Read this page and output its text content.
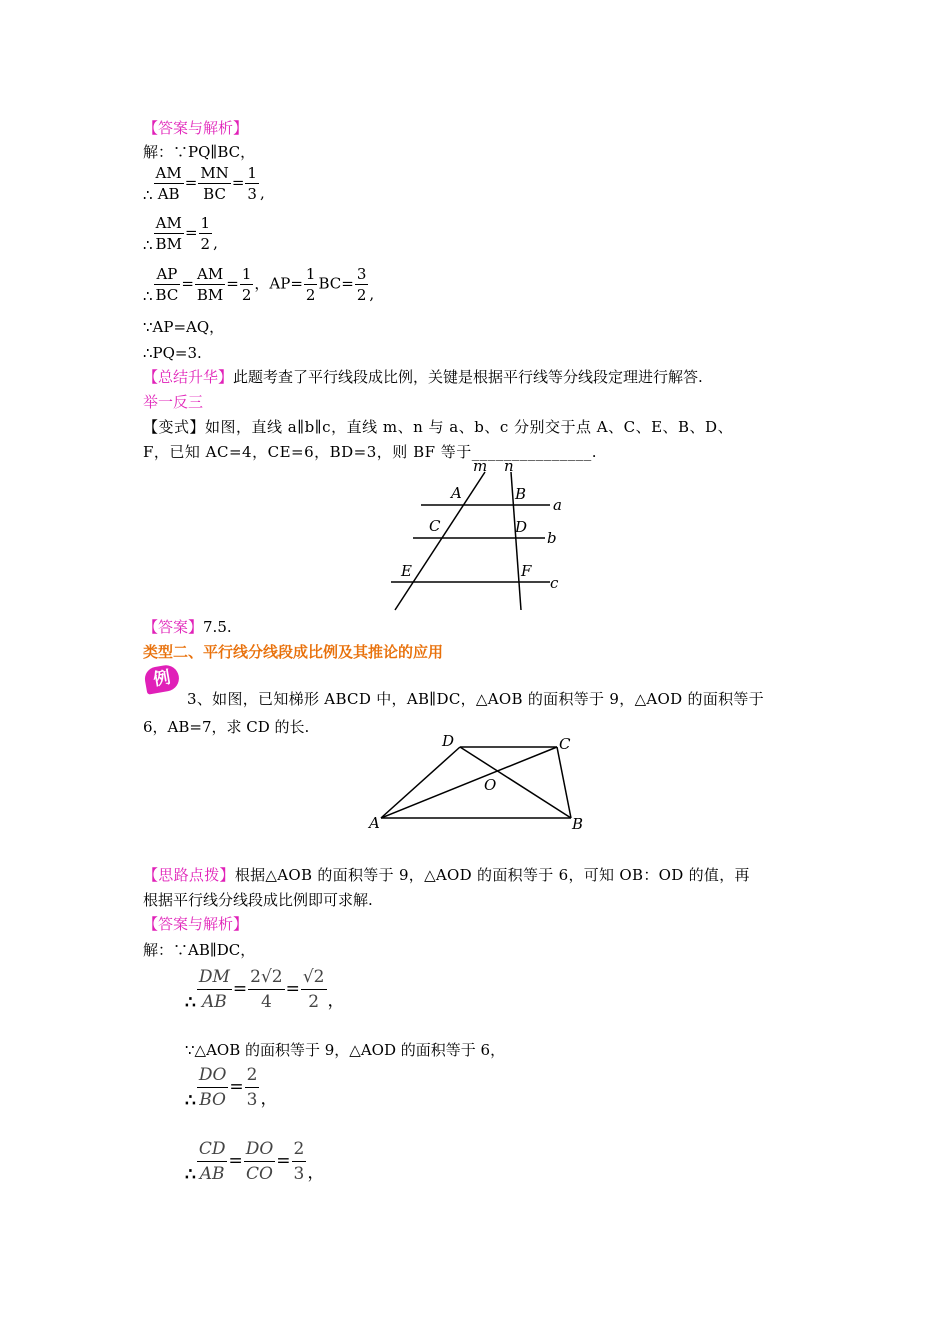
【答案与解析】
解：∵PQ∥BC，
∴ $\frac{AM}{AB} = \frac{MN}{BC} = \frac{1}{3}$ ,
∴ $\frac{AM}{BM} = \frac{1}{2}$ ,
∴ $\frac{AP}{BC} = \frac{AM}{BM} = \frac{1}{2}$ ，$AP= \frac{1}{2} BC= \frac{3}{2}$ ,
∵AP=AQ，
∴PQ=3.
【总结升华】此题考查了平行线段成比例，关键是根据平行线等分线段定理进行解答.
举一反三
【变式】如图，直线 a∥b∥c，直线 m、n 与 a、b、c 分别交于点 A、C、E、B、D、
F，已知 AC=4，CE=6，BD=3，则 BF 等于_______________.
m n
A	B
a
C	D
b
E	F
c
【答案】7.5.
类型二、平行线分线段成比例及其推论的应用
例
3、如图，已知梯形 ABCD 中，AB∥DC，△AOB 的面积等于 9，△AOD 的面积等于
6，AB=7，求 CD 的长.
D	C
O
A	B
【思路点拨】根据△AOB 的面积等于 9，△AOD 的面积等于 6，可知 OB：OD 的值，再
根据平行线分线段成比例即可求解.
【答案与解析】
解：∵AB∥DC，
∴ $\frac{DM}{AB} = \frac{2√2}{4} = \frac{√2}{2}$ ，
∵△AOB 的面积等于 9，△AOD 的面积等于 6，
∴ $\frac{DO}{BO} = \frac{2}{3}$ ，
∴ $\frac{CD}{AB} = \frac{DO}{CO} = \frac{2}{3}$ ，
